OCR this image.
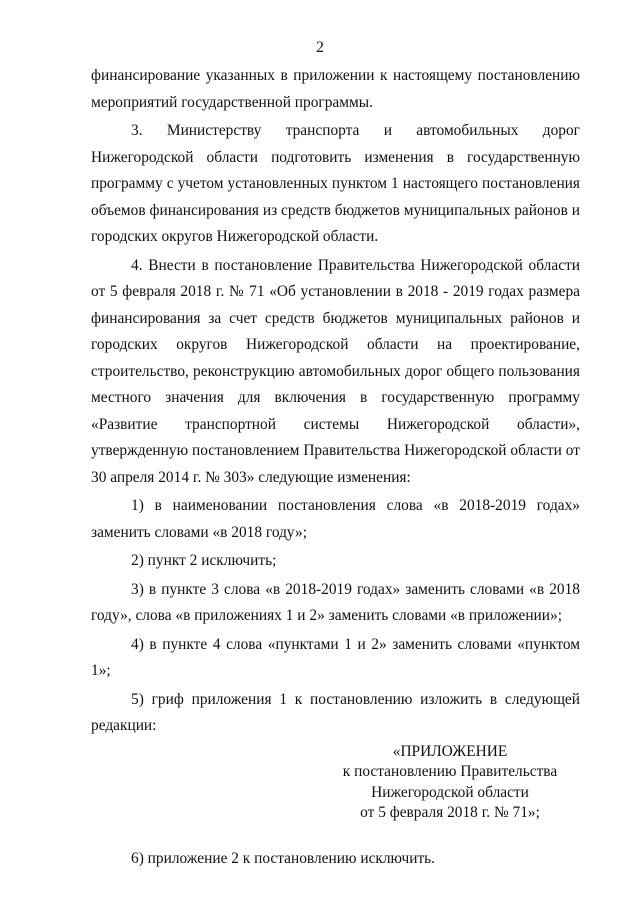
2

финансирование указанных в приложении к настоящему постановлению мероприятий государственной программы.

3. Министерству транспорта и автомобильных дорог Нижегородской области подготовить изменения в государственную программу с учетом установленных пунктом 1 настоящего постановления объемов финансирования из средств бюджетов муниципальных районов и городских округов Нижегородской области.

4. Внести в постановление Правительства Нижегородской области от 5 февраля 2018 г. № 71 «Об установлении в 2018 - 2019 годах размера финансирования за счет средств бюджетов муниципальных районов и городских округов Нижегородской области на проектирование, строительство, реконструкцию автомобильных дорог общего пользования местного значения для включения в государственную программу «Развитие транспортной системы Нижегородской области», утвержденную постановлением Правительства Нижегородской области от 30 апреля 2014 г. № 303» следующие изменения:

1) в наименовании постановления слова «в 2018-2019 годах» заменить словами «в 2018 году»;

2) пункт 2 исключить;

3) в пункте 3 слова «в 2018-2019 годах» заменить словами «в 2018 году», слова «в приложениях 1 и 2» заменить словами «в приложении»;

4) в пункте 4 слова «пунктами 1 и 2» заменить словами «пунктом 1»;

5) гриф приложения 1 к постановлению изложить в следующей редакции:

«ПРИЛОЖЕНИЕ
к постановлению Правительства
Нижегородской области
от 5 февраля 2018 г. № 71»;

6) приложение 2 к постановлению исключить.
